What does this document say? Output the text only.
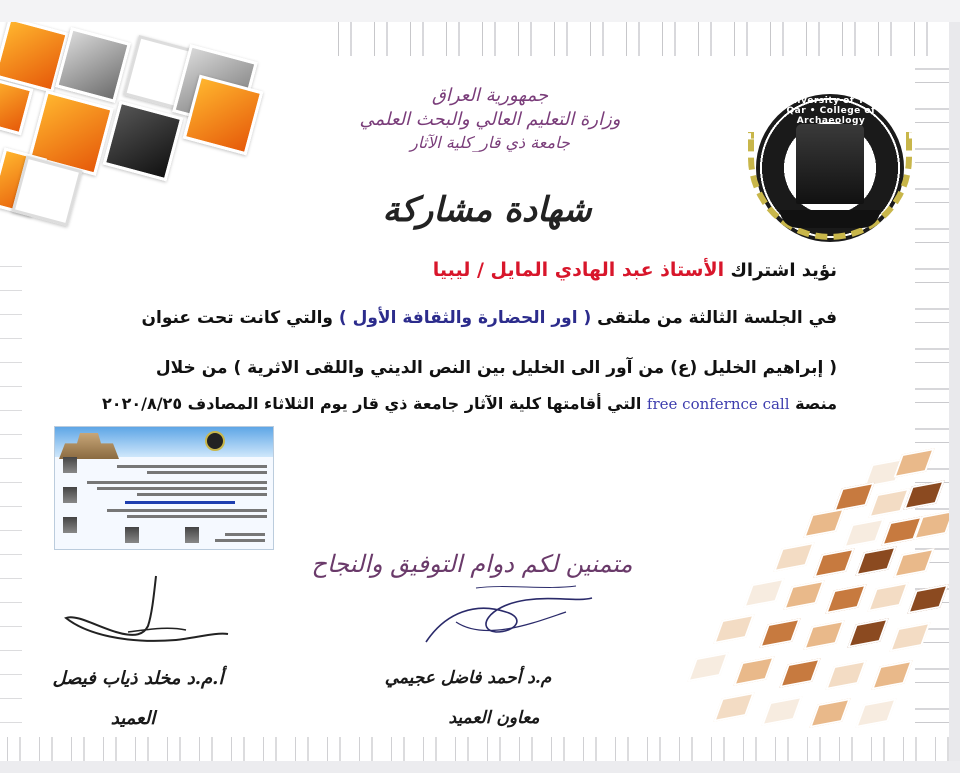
University of Thi-Qar • College of Archaeology
جمهورية العراق
وزارة التعليم العالي والبحث العلمي
جامعة ذي قار_كلية الآثار
شهادة مشاركة
نؤيد اشتراك الأستاذ عبد الهادي المايل / ليبيا
في الجلسة الثالثة من ملتقى ( اور الحضارة والثقافة الأول ) والتي كانت تحت عنوان
( إبراهيم الخليل (ع) من آور الى الخليل بين النص الديني واللقى الاثرية ) من خلال
منصة free confernce call التي أقامتها كلية الآثار جامعة ذي قار يوم الثلاثاء المصادف ٢٠٢٠/٨/٢٥
متمنين لكم دوام التوفيق والنجاح
أ.م.د مخلد ذياب فيصل
العميد
م.د أحمد فاضل عجيمي
معاون العميد
